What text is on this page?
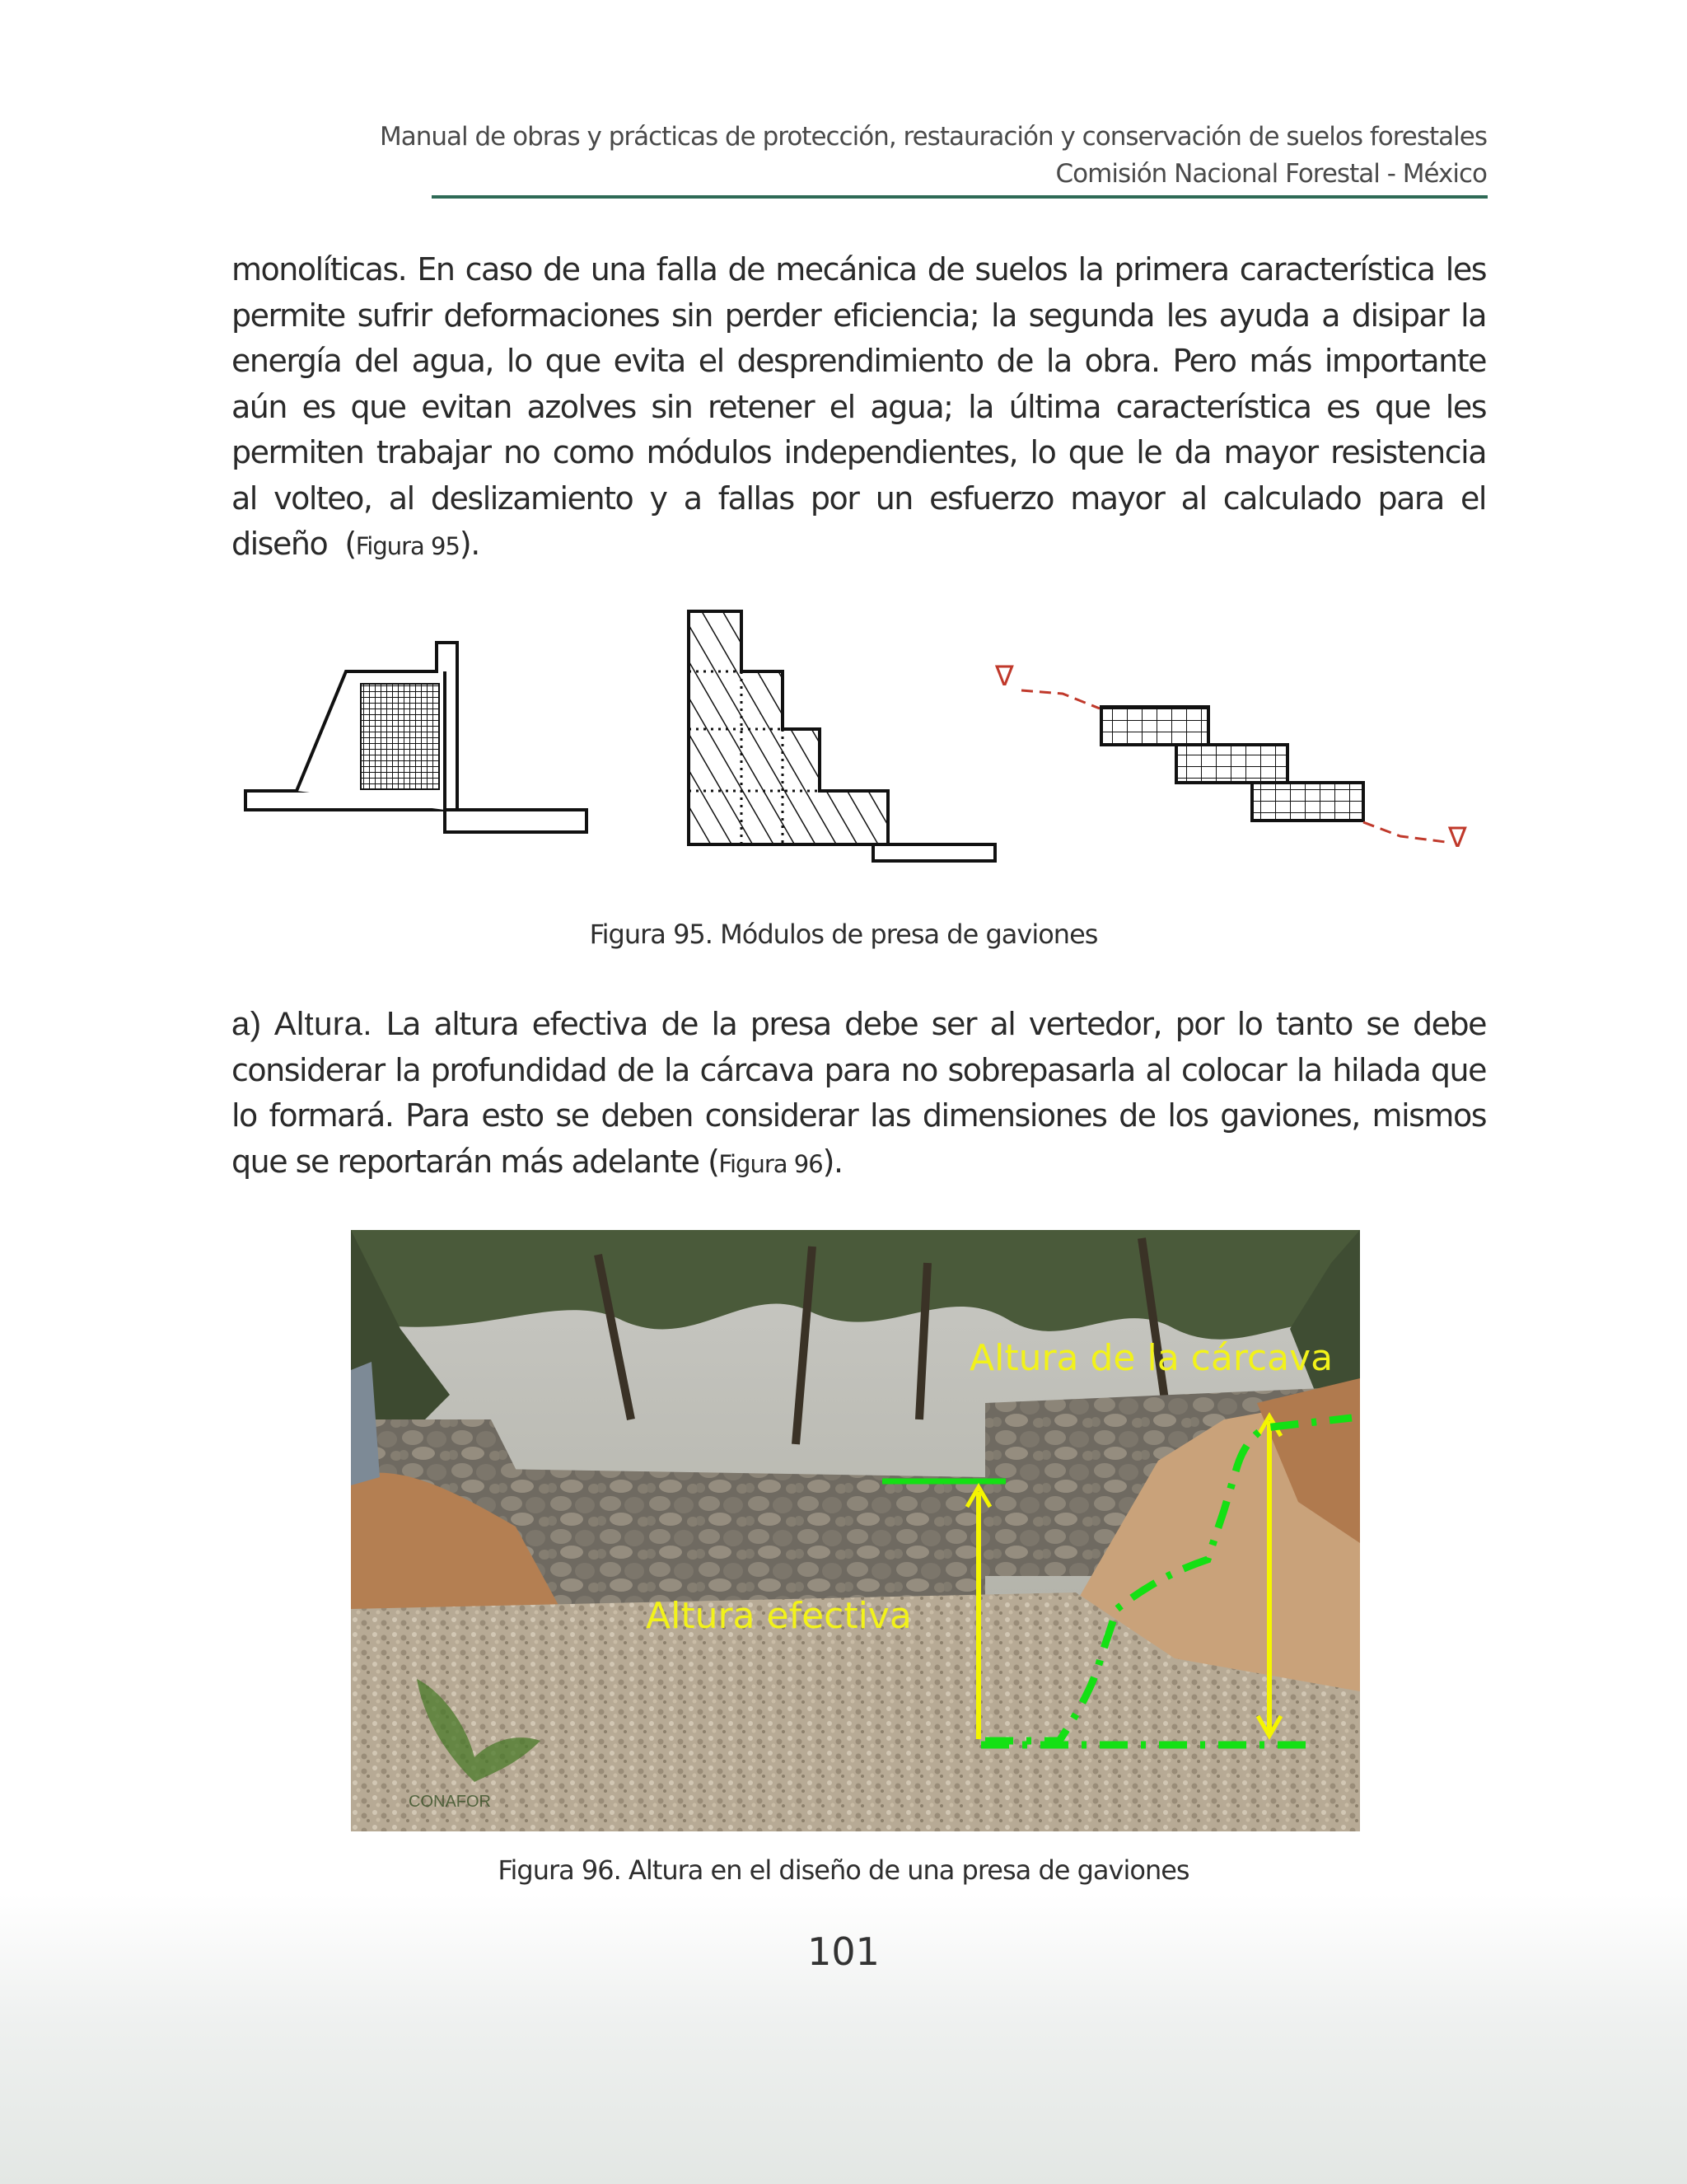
Manual de obras y prácticas de protección, restauración y conservación de suelos forestales
Comisión Nacional Forestal - México
monolíticas. En caso de una falla de mecánica de suelos la primera característica les
permite sufrir deformaciones sin perder eficiencia; la segunda les ayuda a disipar la
energía del agua, lo que evita el desprendimiento de la obra. Pero más importante
aún es que evitan azolves sin retener el agua; la última característica es que les
permiten trabajar no como módulos independientes, lo que le da mayor resistencia
al volteo, al deslizamiento y a fallas por un esfuerzo mayor al calculado para el
diseño  (Figura 95).
∇
∇
Figura 95. Módulos de presa de gaviones
a) Altura. La altura efectiva de la presa debe ser al vertedor, por lo tanto se debe
considerar la profundidad de la cárcava para no sobrepasarla al colocar la hilada que
lo formará. Para esto se deben considerar las dimensiones de los gaviones, mismos
que se reportarán más adelante (Figura 96).
CONAFOR
Altura de la cárcava
Altura efectiva
Figura 96. Altura en el diseño de una presa de gaviones
101
